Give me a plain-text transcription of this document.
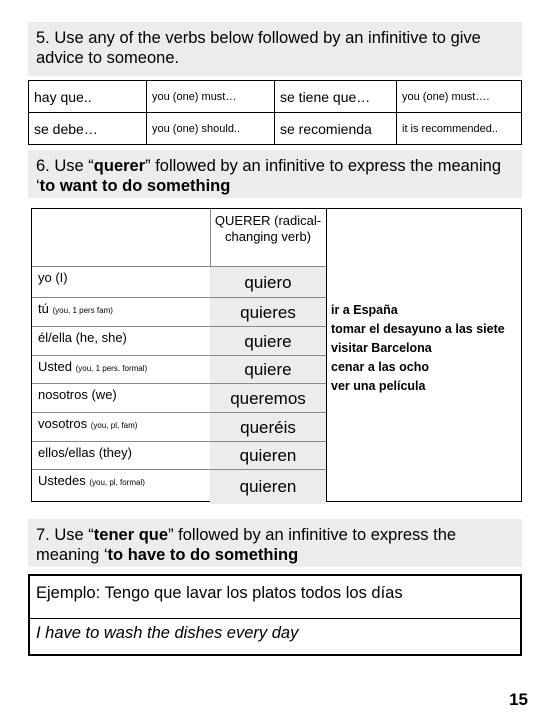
5. Use any of the verbs below followed by an infinitive to give advice to someone.
hay que..	you (one) must…	se tiene que…	you (one) must….
se debe…	you (one) should..	se recomienda	it is recommended..
6. Use “querer” followed by an infinitive to express the meaning ‘to want to do something
QUERER (radical-changing verb)
yo (I)	quiero
tú (you, 1 pers fam)	quieres
él/ella (he, she)	quiere
Usted (you, 1 pers. formal)	quiere
nosotros (we)	queremos
vosotros (you, pl, fam)	queréis
ellos/ellas (they)	quieren
Ustedes (you, pl, formal)	quieren
ir a España
tomar el desayuno a las siete
visitar Barcelona
cenar a las ocho
ver una película
7. Use “tener que” followed by an infinitive to express the meaning ‘to have to do something
Ejemplo: Tengo que lavar los platos todos los días
I have to wash the dishes every day
15
